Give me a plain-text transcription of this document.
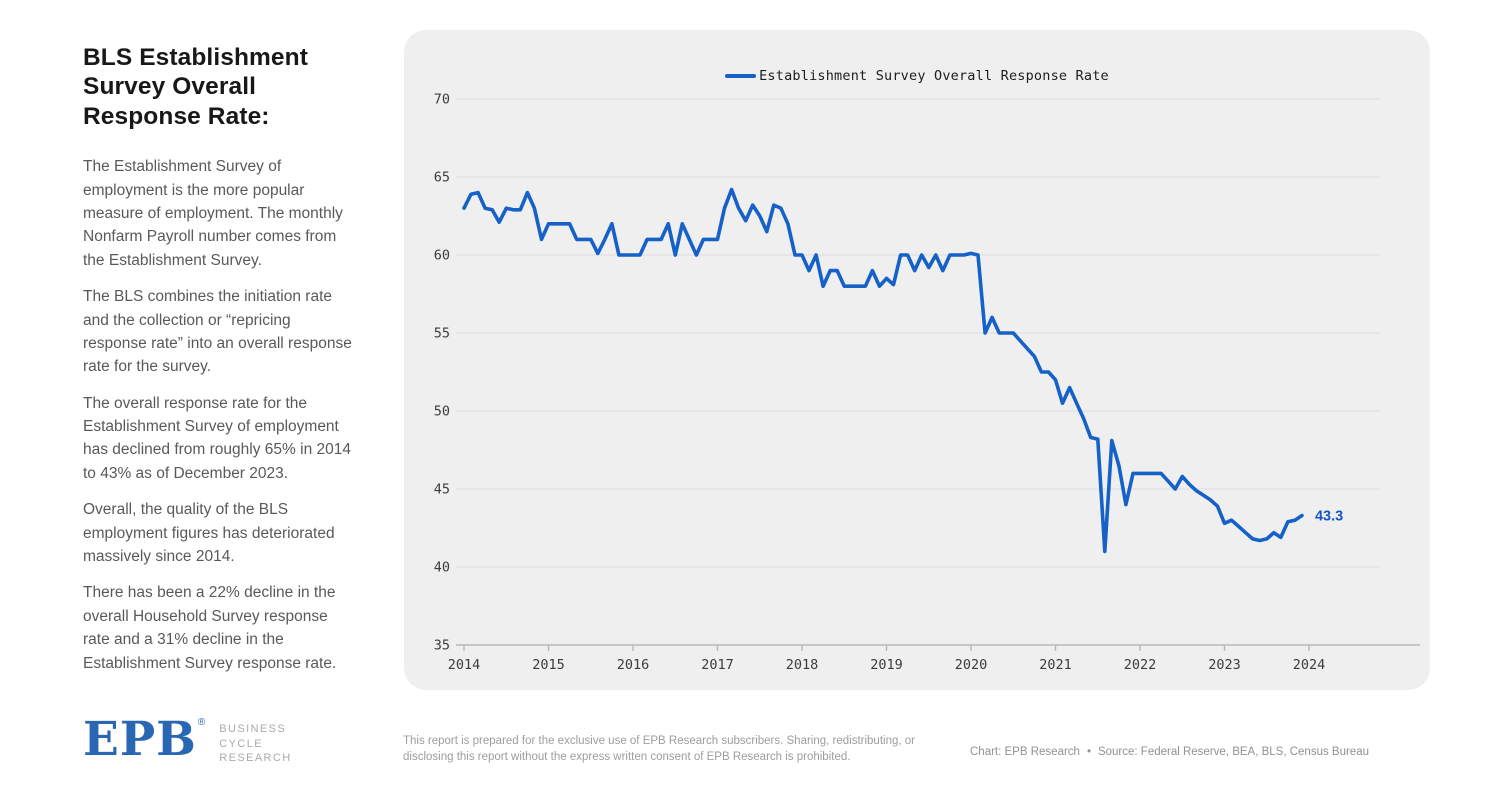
BLS Establishment Survey Overall Response Rate:

The Establishment Survey of employment is the more popular measure of employment. The monthly Nonfarm Payroll number comes from the Establishment Survey.

The BLS combines the initiation rate and the collection or “repricing response rate” into an overall response rate for the survey.

The overall response rate for the Establishment Survey of employment has declined from roughly 65% in 2014 to 43% as of December 2023.

Overall, the quality of the BLS employment figures has deteriorated massively since 2014.

There has been a 22% decline in the overall Household Survey response rate and a 31% decline in the Establishment Survey response rate.

35
40
45
50
55
60
65
70
2014	2015	2016	2017	2018	2019	2020	2021	2022	2023	2024
43.3
Establishment Survey Overall Response Rate
EPB ®
BUSINESS
CYCLE
RESEARCH

This report is prepared for the exclusive use of EPB Research subscribers. Sharing, redistributing, or disclosing this report without the express written consent of EPB Research is prohibited.	Chart: EPB Research • Source: Federal Reserve, BEA, BLS, Census Bureau
